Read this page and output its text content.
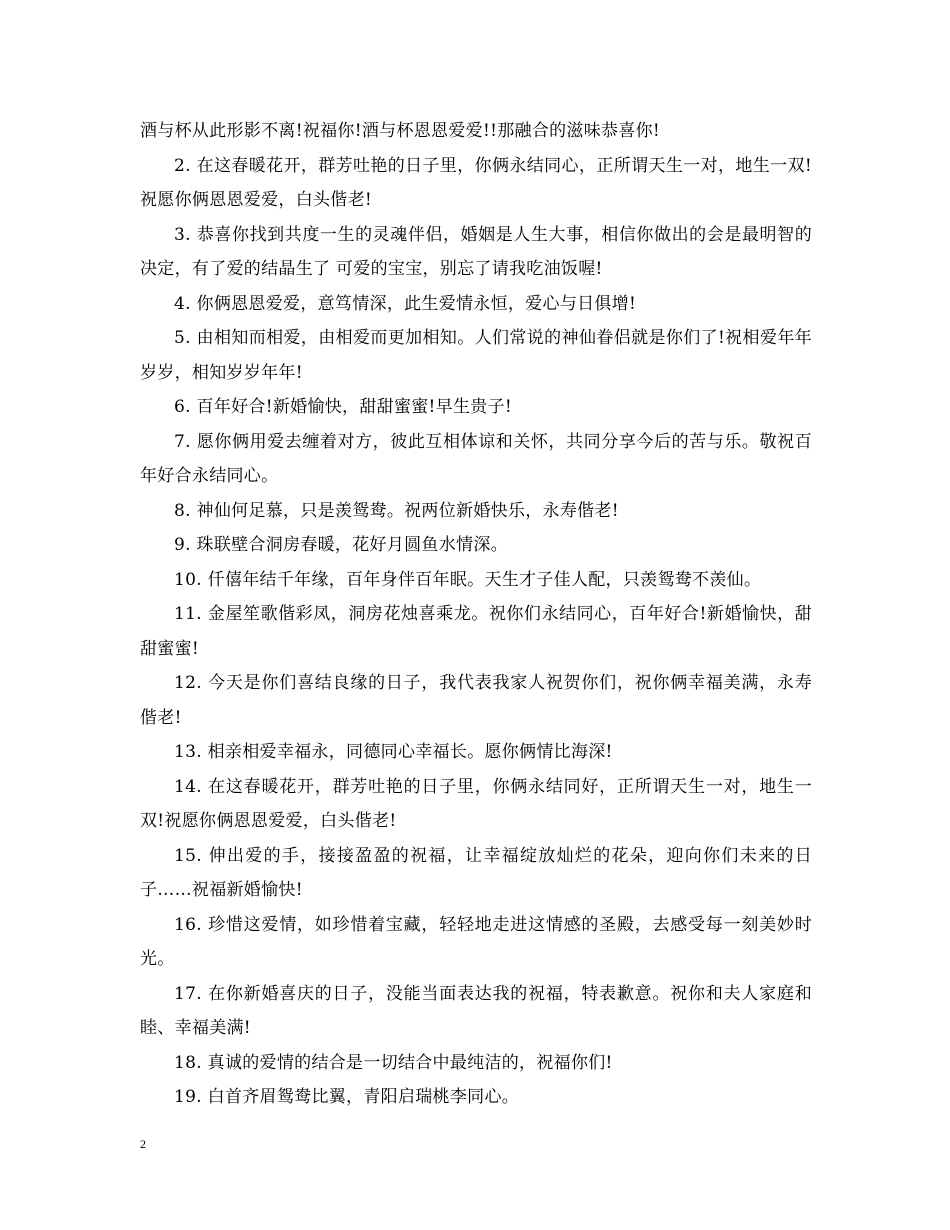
酒与杯从此形影不离!祝福你!酒与杯恩恩爱爱!!那融合的滋味恭喜你!

2. 在这春暖花开，群芳吐艳的日子里，你俩永结同心，正所谓天生一对，地生一双!祝愿你俩恩恩爱爱，白头偕老!

3. 恭喜你找到共度一生的灵魂伴侣，婚姻是人生大事，相信你做出的会是最明智的决定，有了爱的结晶生了 可爱的宝宝，别忘了请我吃油饭喔!

4. 你俩恩恩爱爱，意笃情深，此生爱情永恒，爱心与日俱增!

5. 由相知而相爱，由相爱而更加相知。人们常说的神仙眷侣就是你们了!祝相爱年年岁岁，相知岁岁年年!

6. 百年好合!新婚愉快，甜甜蜜蜜!早生贵子!

7. 愿你俩用爱去缠着对方，彼此互相体谅和关怀，共同分享今后的苦与乐。敬祝百年好合永结同心。

8. 神仙何足慕，只是羡鸳鸯。祝两位新婚快乐，永寿偕老!

9. 珠联壁合洞房春暖，花好月圆鱼水情深。

10. 仟僖年结千年缘，百年身伴百年眠。天生才子佳人配，只羡鸳鸯不羡仙。

11. 金屋笙歌偕彩凤，洞房花烛喜乘龙。祝你们永结同心，百年好合!新婚愉快，甜甜蜜蜜!

12. 今天是你们喜结良缘的日子，我代表我家人祝贺你们，祝你俩幸福美满，永寿偕老!

13. 相亲相爱幸福永，同德同心幸福长。愿你俩情比海深!

14. 在这春暖花开，群芳吐艳的日子里，你俩永结同好，正所谓天生一对，地生一双!祝愿你俩恩恩爱爱，白头偕老!

15. 伸出爱的手，接接盈盈的祝福，让幸福绽放灿烂的花朵，迎向你们未来的日子……祝福新婚愉快!

16. 珍惜这爱情，如珍惜着宝藏，轻轻地走进这情感的圣殿，去感受每一刻美妙时光。

17. 在你新婚喜庆的日子，没能当面表达我的祝福，特表歉意。祝你和夫人家庭和睦、幸福美满!

18. 真诚的爱情的结合是一切结合中最纯洁的，祝福你们!

19. 白首齐眉鸳鸯比翼，青阳启瑞桃李同心。

2
